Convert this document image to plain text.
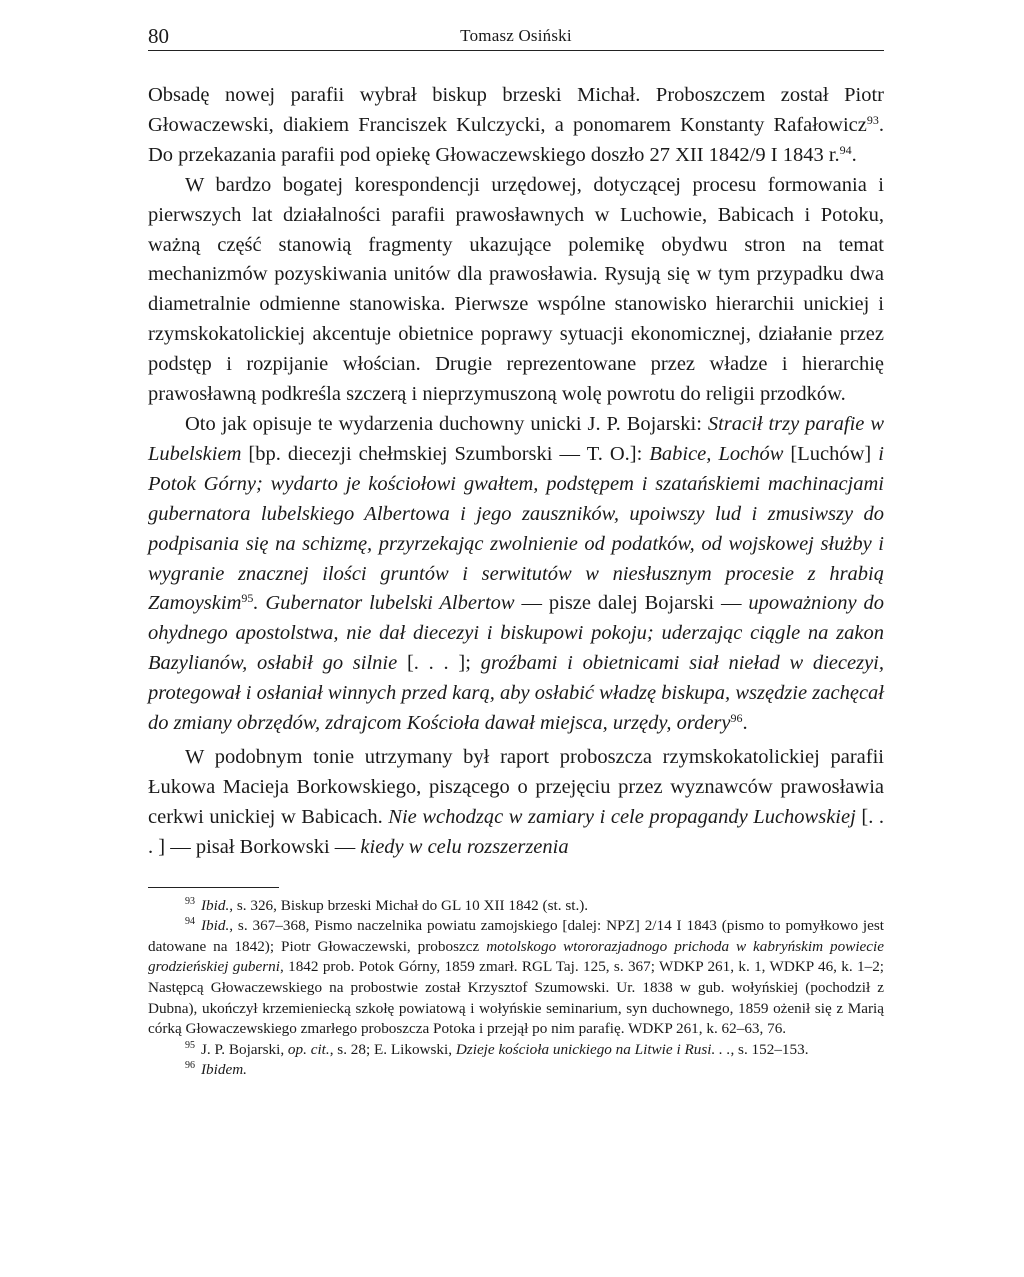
80	Tomasz Osiński

Obsadę nowej parafii wybrał biskup brzeski Michał. Proboszczem został Piotr Głowaczewski, diakiem Franciszek Kulczycki, a ponomarem Konstanty Rafałowicz$^{93}$. Do przekazania parafii pod opiekę Głowaczewskiego doszło 27 XII 1842/9 I 1843 r.$^{94}$.

W bardzo bogatej korespondencji urzędowej, dotyczącej procesu formowania i pierwszych lat działalności parafii prawosławnych w Luchowie, Babicach i Potoku, ważną część stanowią fragmenty ukazujące polemikę obydwu stron na temat mechanizmów pozyskiwania unitów dla prawosławia. Rysują się w tym przypadku dwa diametralnie odmienne stanowiska. Pierwsze wspólne stanowisko hierarchii unickiej i rzymskokatolickiej akcentuje obietnice poprawy sytuacji ekonomicznej, działanie przez podstęp i rozpijanie włościan. Drugie reprezentowane przez władze i hierarchię prawosławną podkreśla szczerą i nieprzymuszoną wolę powrotu do religii przodków.

Oto jak opisuje te wydarzenia duchowny unicki J. P. Bojarski: Stracił trzy parafie w Lubelskiem [bp. diecezji chełmskiej Szumborski — T. O.]: Babice, Lochów [Luchów] i Potok Górny; wydarto je kościołowi gwałtem, podstępem i szatańskiemi machinacjami gubernatora lubelskiego Albertowa i jego zauszników, upoiwszy lud i zmusiwszy do podpisania się na schizmę, przyrzekając zwolnienie od podatków, od wojskowej służby i wygranie znacznej ilości gruntów i serwitutów w niesłusznym procesie z hrabią Zamoyskim$^{95}$. Gubernator lubelski Albertow — pisze dalej Bojarski — upoważniony do ohydnego apostolstwa, nie dał diecezyi i biskupowi pokoju; uderzając ciągle na zakon Bazylianów, osłabił go silnie [. . . ]; groźbami i obietnicami siał nieład w diecezyi, protegował i osłaniał winnych przed karą, aby osłabić władzę biskupa, wszędzie zachęcał do zmiany obrzędów, zdrajcom Kościoła dawał miejsca, urzędy, ordery$^{96}$.

W podobnym tonie utrzymany był raport proboszcza rzymskokatolickiej parafii Łukowa Macieja Borkowskiego, piszącego o przejęciu przez wyznawców prawosławia cerkwi unickiej w Babicach. Nie wchodząc w zamiary i cele propagandy Luchowskiej [. . . ] — pisał Borkowski — kiedy w celu rozszerzenia

$^{93}$ Ibid., s. 326, Biskup brzeski Michał do GL 10 XII 1842 (st. st.).

$^{94}$ Ibid., s. 367–368, Pismo naczelnika powiatu zamojskiego [dalej: NPZ] 2/14 I 1843 (pismo to pomyłkowo jest datowane na 1842); Piotr Głowaczewski, proboszcz motolskogo wtororazjadnogo prichoda w kabryńskim powiecie grodzieńskiej guberni, 1842 prob. Potok Górny, 1859 zmarł. RGL Taj. 125, s. 367; WDKP 261, k. 1, WDKP 46, k. 1–2; Następcą Głowaczewskiego na probostwie został Krzysztof Szumowski. Ur. 1838 w gub. wołyńskiej (pochodził z Dubna), ukończył krzemieniecką szkołę powiatową i wołyńskie seminarium, syn duchownego, 1859 ożenił się z Marią córką Głowaczewskiego zmarłego proboszcza Potoka i przejął po nim parafię. WDKP 261, k. 62–63, 76.

$^{95}$ J. P. Bojarski, op. cit., s. 28; E. Likowski, Dzieje kościoła unickiego na Litwie i Rusi. . ., s. 152–153.

$^{96}$ Ibidem.
